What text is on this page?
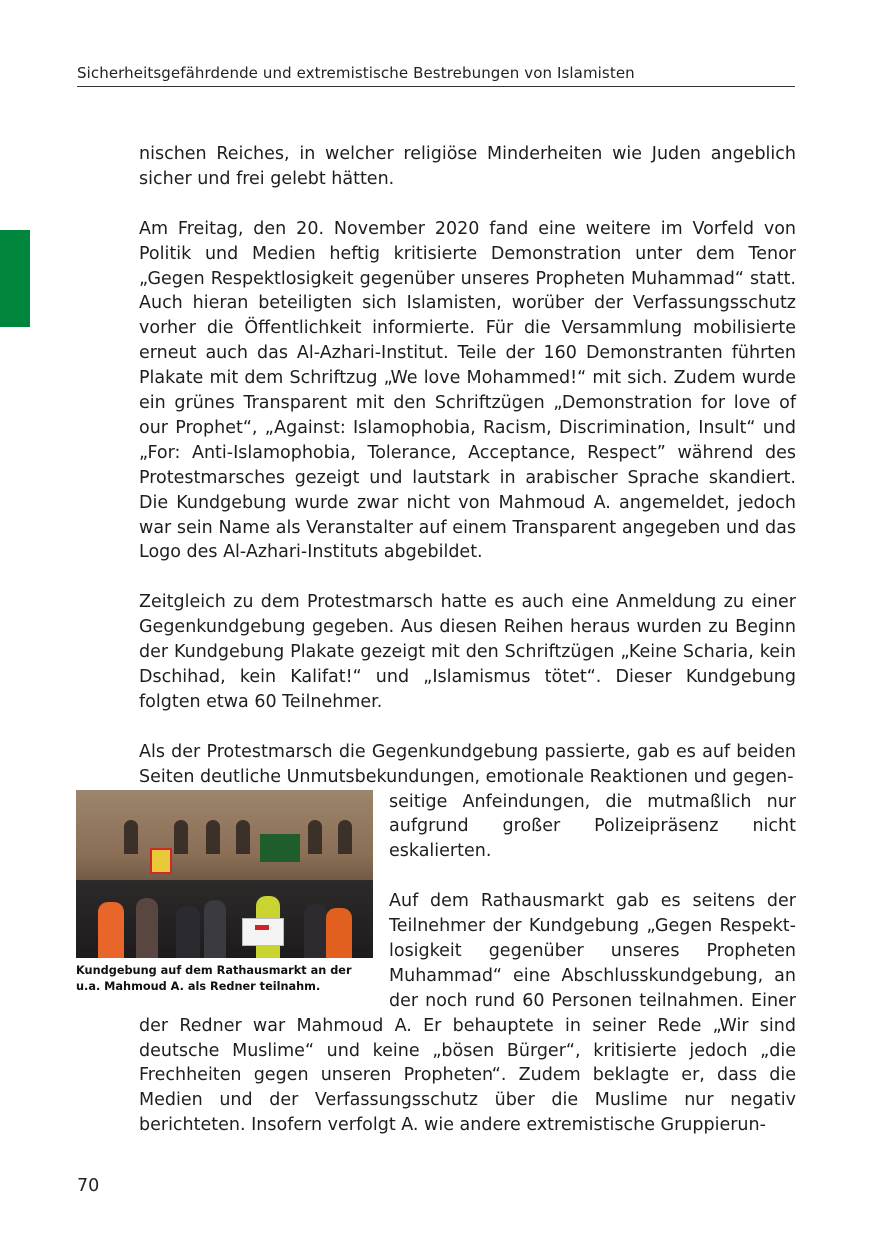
Sicherheitsgefährdende und extremistische Bestrebungen von Islamisten

nischen Reiches, in welcher religiöse Minderheiten wie Juden angeblich sicher und frei gelebt hätten.

Am Freitag, den 20. November 2020 fand eine weitere im Vorfeld von Politik und Medien heftig kritisierte Demonstration unter dem Tenor „Gegen Respektlosigkeit gegenüber unseres Propheten Muhammad“ statt. Auch hieran beteiligten sich Islamisten, worüber der Verfassungsschutz vorher die Öffentlichkeit informierte. Für die Versammlung mobilisierte erneut auch das Al-Azhari-Institut. Teile der 160 Demonstranten führten Plakate mit dem Schriftzug „We love Mohammed!“ mit sich. Zudem wurde ein grünes Transparent mit den Schriftzügen „Demonstration for love of our Prophet“, „Against: Islamophobia, Racism, Discrimination, Insult“ und „For: Anti-Islamophobia, Tolerance, Acceptance, Respect” während des Protestmarsches gezeigt und lautstark in arabischer Sprache skandiert. Die Kundgebung wurde zwar nicht von Mahmoud A. angemeldet, jedoch war sein Name als Veranstalter auf einem Transparent angegeben und das Logo des Al-Azhari-Instituts abgebildet.

Zeitgleich zu dem Protestmarsch hatte es auch eine Anmeldung zu einer Gegenkundgebung gegeben. Aus diesen Reihen heraus wurden zu Beginn der Kundgebung Plakate gezeigt mit den Schriftzügen „Keine Scharia, kein Dschihad, kein Kalifat!“ und „Islamismus tötet“. Dieser Kundgebung folgten etwa 60 Teilnehmer.

Als der Protestmarsch die Gegenkundgebung passierte, gab es auf beiden Seiten deutliche Unmutsbekundungen, emotionale Reaktionen und gegen-

Kundgebung auf dem Rathausmarkt an der u.a. Mahmoud A. als Redner teilnahm.

seitige Anfeindungen, die mutmaßlich nur aufgrund großer Polizeipräsenz nicht eskalierten.

Auf dem Rathausmarkt gab es seitens der Teilnehmer der Kundgebung „Gegen Respektlosigkeit gegenüber unseres Propheten Muhammad“ eine Abschlusskundgebung, an der noch rund 60 Personen teilnahmen. Einer der Redner war Mahmoud A. Er behauptete in seiner Rede „Wir sind deutsche Muslime“ und keine „bösen Bürger“, kritisierte jedoch „die Frechheiten gegen unseren Propheten“. Zudem beklagte er, dass die Medien und der Verfassungsschutz über die Muslime nur negativ berichteten. Insofern verfolgt A. wie andere extremistische Gruppierun-

70
